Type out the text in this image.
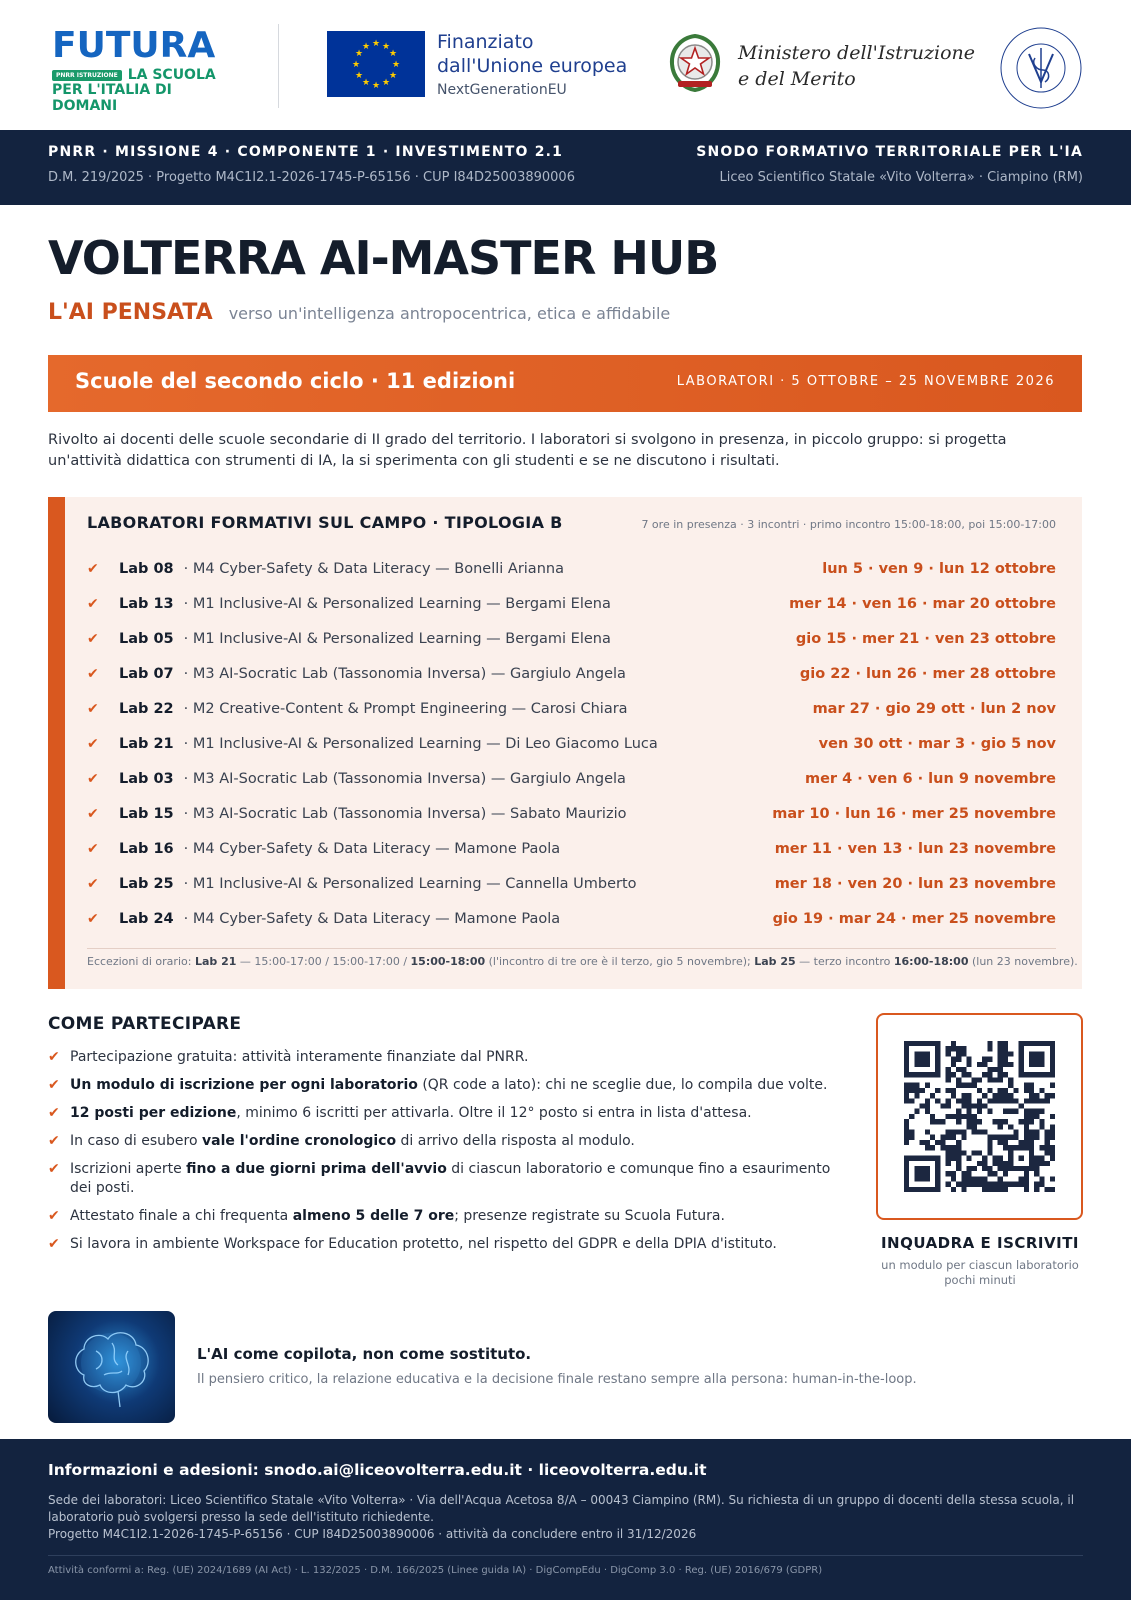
FUTURA
PNRR ISTRUZIONE LA SCUOLA
PER L'ITALIA DI DOMANI
★ ★
★
★
★
★
★
★
★
★
★
★	Finanziato
dall'Unione europea
NextGenerationEU
Ministero dell'Istruzione
e del Merito
PNRR · MISSIONE 4 · COMPONENTE 1 · INVESTIMENTO 2.1
D.M. 219/2025 · Progetto M4C1I2.1-2026-1745-P-65156 · CUP I84D25003890006
SNODO FORMATIVO TERRITORIALE PER L'IA
Liceo Scientifico Statale «Vito Volterra» · Ciampino (RM)
VOLTERRA AI-MASTER HUB
L'AI PENSATA verso un'intelligenza antropocentrica, etica e affidabile
Scuole del secondo ciclo · 11 edizioni	LABORATORI · 5 OTTOBRE – 25 NOVEMBRE 2026
Rivolto ai docenti delle scuole secondarie di II grado del territorio. I laboratori si svolgono in presenza, in piccolo gruppo: si progetta un'attività didattica con strumenti di IA, la si sperimenta con gli studenti e se ne discutono i risultati.
LABORATORI FORMATIVI SUL CAMPO · TIPOLOGIA B	7 ore in presenza · 3 incontri · primo incontro 15:00-18:00, poi 15:00-17:00
✔	Lab 08 · M4 Cyber-Safety & Data Literacy — Bonelli Arianna	lun 5 · ven 9 · lun 12 ottobre
✔	Lab 13 · M1 Inclusive-AI & Personalized Learning — Bergami Elena	mer 14 · ven 16 · mar 20 ottobre
✔	Lab 05 · M1 Inclusive-AI & Personalized Learning — Bergami Elena	gio 15 · mer 21 · ven 23 ottobre
✔	Lab 07 · M3 AI-Socratic Lab (Tassonomia Inversa) — Gargiulo Angela	gio 22 · lun 26 · mer 28 ottobre
✔	Lab 22 · M2 Creative-Content & Prompt Engineering — Carosi Chiara	mar 27 · gio 29 ott · lun 2 nov
✔	Lab 21 · M1 Inclusive-AI & Personalized Learning — Di Leo Giacomo Luca	ven 30 ott · mar 3 · gio 5 nov
✔	Lab 03 · M3 AI-Socratic Lab (Tassonomia Inversa) — Gargiulo Angela	mer 4 · ven 6 · lun 9 novembre
✔	Lab 15 · M3 AI-Socratic Lab (Tassonomia Inversa) — Sabato Maurizio	mar 10 · lun 16 · mer 25 novembre
✔	Lab 16 · M4 Cyber-Safety & Data Literacy — Mamone Paola	mer 11 · ven 13 · lun 23 novembre
✔	Lab 25 · M1 Inclusive-AI & Personalized Learning — Cannella Umberto	mer 18 · ven 20 · lun 23 novembre
✔	Lab 24 · M4 Cyber-Safety & Data Literacy — Mamone Paola	gio 19 · mar 24 · mer 25 novembre
Eccezioni di orario: Lab 21 — 15:00-17:00 / 15:00-17:00 / 15:00-18:00 (l'incontro di tre ore è il terzo, gio 5 novembre); Lab 25 — terzo incontro 16:00-18:00 (lun 23 novembre).
COME PARTECIPARE
✔ Partecipazione gratuita: attività interamente finanziate dal PNRR.
✔ Un modulo di iscrizione per ogni laboratorio (QR code a lato): chi ne sceglie due, lo compila due volte.
✔ 12 posti per edizione, minimo 6 iscritti per attivarla. Oltre il 12° posto si entra in lista d'attesa.
✔ In caso di esubero vale l'ordine cronologico di arrivo della risposta al modulo.
✔ Iscrizioni aperte fino a due giorni prima dell'avvio di ciascun laboratorio e comunque fino a esaurimento dei posti.
✔ Attestato finale a chi frequenta almeno 5 delle 7 ore; presenze registrate su Scuola Futura.
✔ Si lavora in ambiente Workspace for Education protetto, nel rispetto del GDPR e della DPIA d'istituto.	INQUADRA E ISCRIVITI
un modulo per ciascun laboratorio
pochi minuti
L'AI come copilota, non come sostituto.
Il pensiero critico, la relazione educativa e la decisione finale restano sempre alla persona: human-in-the-loop.
Informazioni e adesioni: snodo.ai@liceovolterra.edu.it · liceovolterra.edu.it
Sede dei laboratori: Liceo Scientifico Statale «Vito Volterra» · Via dell'Acqua Acetosa 8/A – 00043 Ciampino (RM). Su richiesta di un gruppo di docenti della stessa scuola, il laboratorio può svolgersi presso la sede dell'istituto richiedente.
Progetto M4C1I2.1-2026-1745-P-65156 · CUP I84D25003890006 · attività da concludere entro il 31/12/2026
Attività conformi a: Reg. (UE) 2024/1689 (AI Act) · L. 132/2025 · D.M. 166/2025 (Linee guida IA) · DigCompEdu · DigComp 3.0 · Reg. (UE) 2016/679 (GDPR)
